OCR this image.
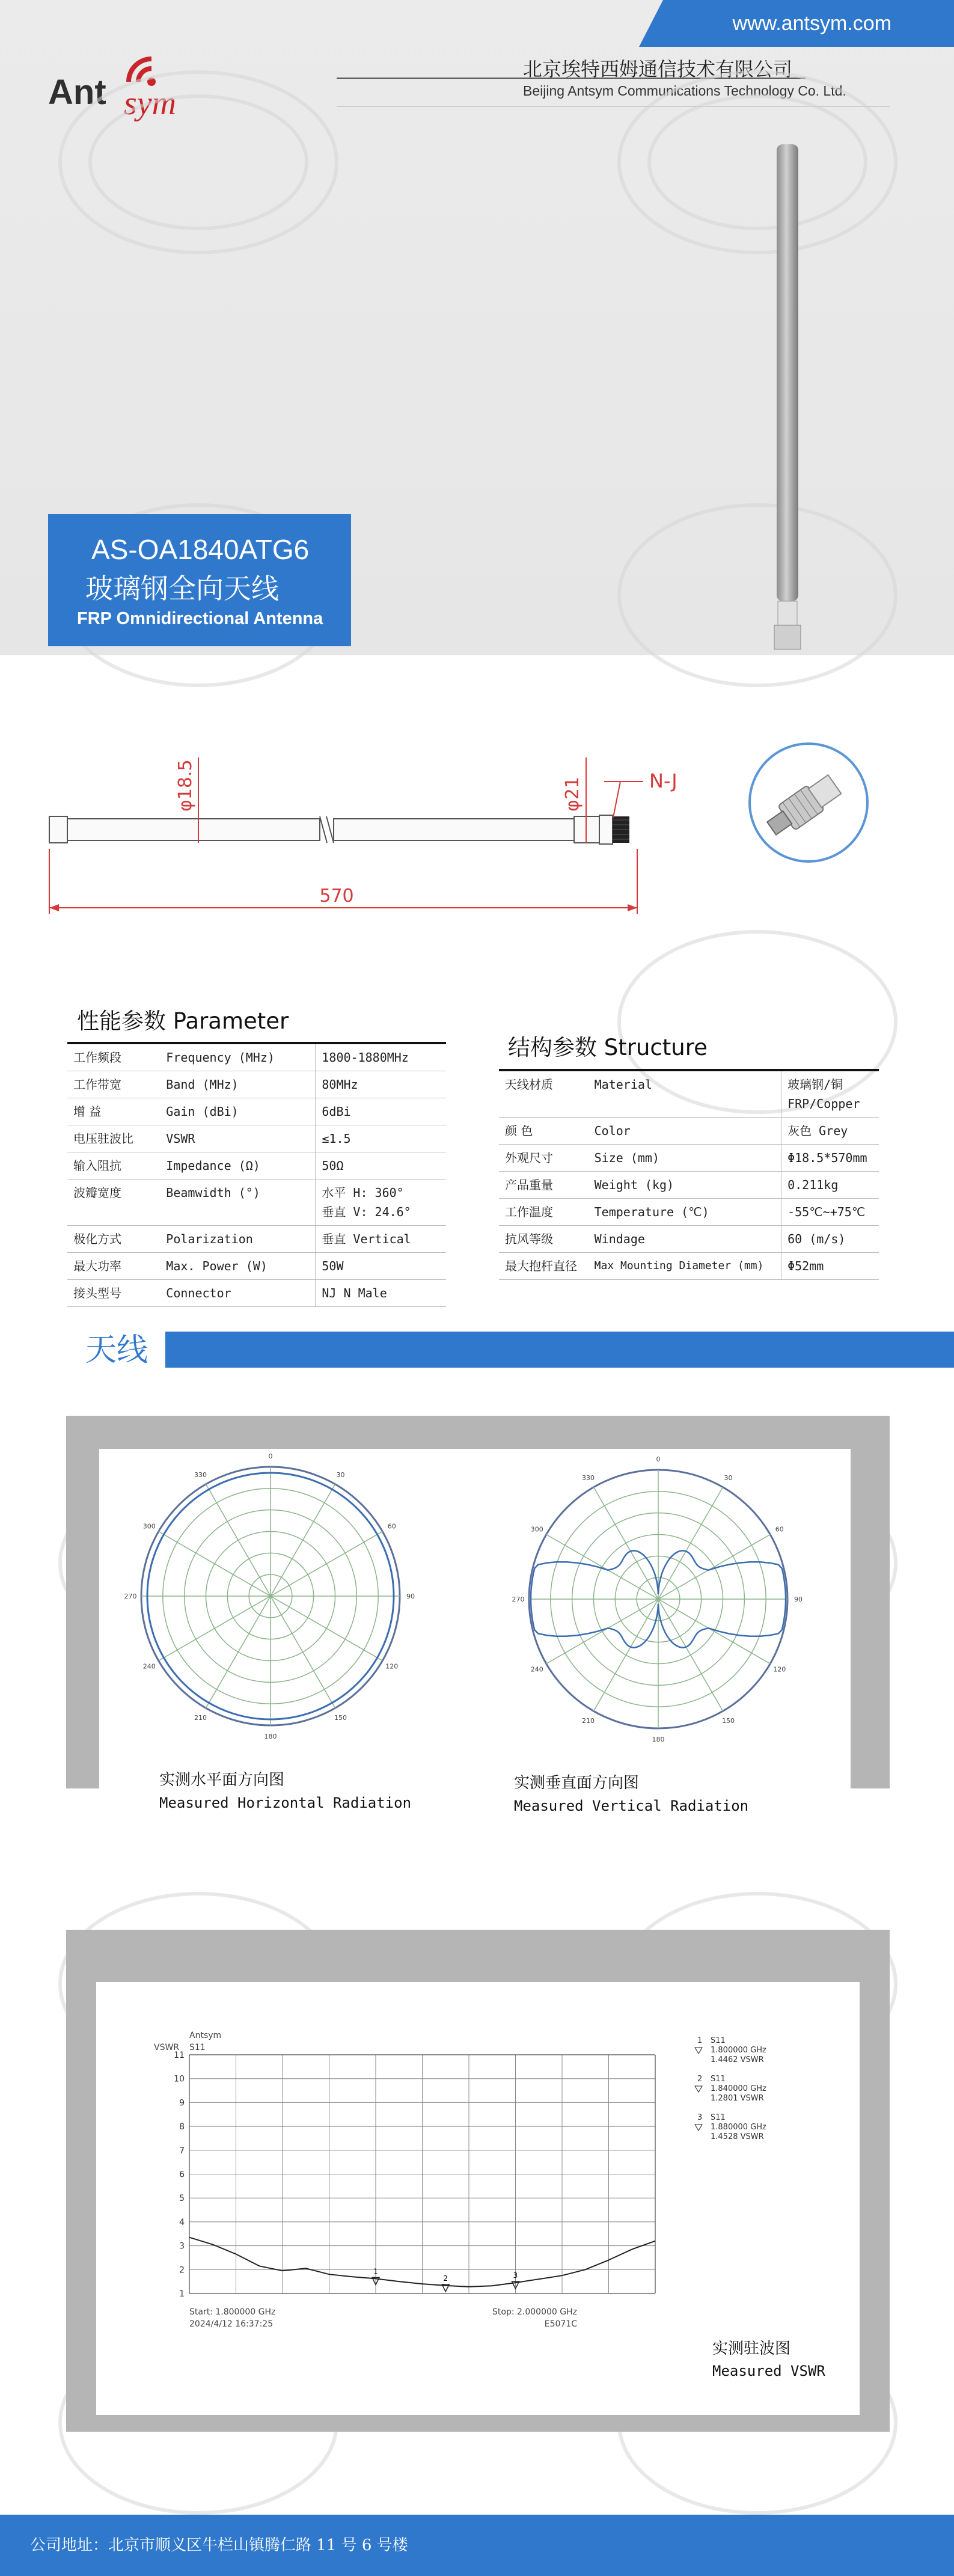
www.antsym.com
北京埃特西姆通信技术有限公司
Beijing Antsym Communications Technology Co. Ltd.
Ant sym
AS-OA1840ATG6
玻璃钢全向天线
FRP Omnidirectional Antenna
φ18.5	φ21	N-J
570
性能参数 Parameter
工作频段	Frequency (MHz)	1800-1880MHz

工作带宽	Band (MHz)	80MHz

增 益	Gain (dBi)	6dBi

电压驻波比	VSWR	≤1.5

输入阻抗	Impedance (Ω)	50Ω

波瓣宽度	Beamwidth (°)	水平 H: 360°
垂直 V: 24.6°

极化方式	Polarization	垂直 Vertical

最大功率	Max. Power (W)	50W

接头型号	Connector	NJ N Male
结构参数 Structure
天线材质	Material	玻璃钢/铜
FRP/Copper

颜 色	Color	灰色 Grey

外观尺寸	Size (mm)	Φ18.5*570mm

产品重量	Weight (kg)	0.211kg

工作温度	Temperature (℃)	-55℃~+75℃

抗风等级	Windage	60 (m/s)

最大抱杆直径	Max Mounting Diameter (mm)	Φ52mm
天线
0
30
60
90
120
150
180
210
240
270
300
330
0
30
60
90
120
150
180
210
240
270
300
330
实测水平面方向图
Measured Horizontal Radiation
实测垂直面方向图
Measured Vertical Radiation
Antsym
VSWR S11
1
2
3
4
5
6
7
8
9
10
11
1
2	3
Start: 1.800000 GHz
2024/4/12 16:37:25
Stop: 2.000000 GHz
E5071C
1 S11
1.800000 GHz
1.4462 VSWR
2 S11
1.840000 GHz
1.2801 VSWR
3 S11
1.880000 GHz
1.4528 VSWR
实测驻波图
Measured VSWR
公司地址：北京市顺义区牛栏山镇腾仁路 11 号 6 号楼
